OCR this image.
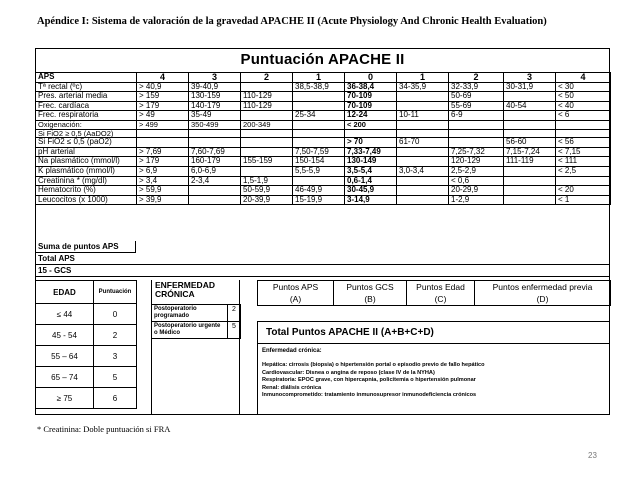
Apéndice I: Sistema de valoración de la gravedad APACHE II (Acute Physiology And Chronic Health Evaluation)
Puntuación APACHE II
APS	4	3	2	1	0	1	2	3	4
Tª rectal (ºc)	> 40,9	39-40,9		38,5-38,9	36-38,4	34-35,9	32-33,9	30-31,9	< 30
Pres. arterial media	> 159	130-159	110-129		70-109		50-69		< 50
Frec. cardíaca	> 179	140-179	110-129		70-109		55-69	40-54	< 40
Frec. respiratoria	> 49	35-49		25-34	12-24	10-11	6-9		< 6
Oxigenación:	> 499	350-499	200-349		< 200				
Si FiO2 ≥ 0,5 (AaDO2)									
Si FiO2 ≤ 0,5 (paO2)					> 70	61-70		56-60	< 56
pH arterial	> 7,69	7,60-7,69		7,50-7,59	7,33-7,49		7,25-7,32	7,15-7,24	< 7,15
Na plasmático (mmol/l)	> 179	160-179	155-159	150-154	130-149		120-129	111-119	< 111
K plasmático (mmol/l)	> 6,9	6,0-6,9		5,5-5,9	3,5-5,4	3,0-3,4	2,5-2,9		< 2,5
Creatinina * (mg/dl)	> 3,4	2-3,4	1,5-1,9		0,6-1,4		< 0,6		
Hematocrito (%)	> 59,9		50-59,9	46-49,9	30-45,9		20-29,9		< 20
Leucocitos (x 1000)	> 39,9		20-39,9	15-19,9	3-14,9		1-2,9		< 1
Suma de puntos APS
Total APS
15 - GCS
EDAD	Puntuación
≤ 44	0
45 - 54	2
55 – 64	3
65 – 74	5
≥ 75	6
ENFERMEDAD
CRÓNICA
Postoperatorio programado	2
Postoperatorio urgente o Médico	5
Puntos APS	Puntos GCS	Puntos Edad	Puntos enfermedad previa
(A)	(B)	(C)	(D)
Total Puntos APACHE II (A+B+C+D)
Enfermedad crónica:
Hepática: cirrosis (biopsia) o hipertensión portal o episodio previo de fallo hepático
Cardiovascular: Disnea o angina de reposo (clase IV de la NYHA)
Respiratoria: EPOC grave, con hipercapnia, policitemia o hipertensión pulmonar
Renal: diálisis crónica
Inmunocomprometido: tratamiento inmunosupresor inmunodeficiencia crónicos
* Creatinina: Doble puntuación si FRA
23
